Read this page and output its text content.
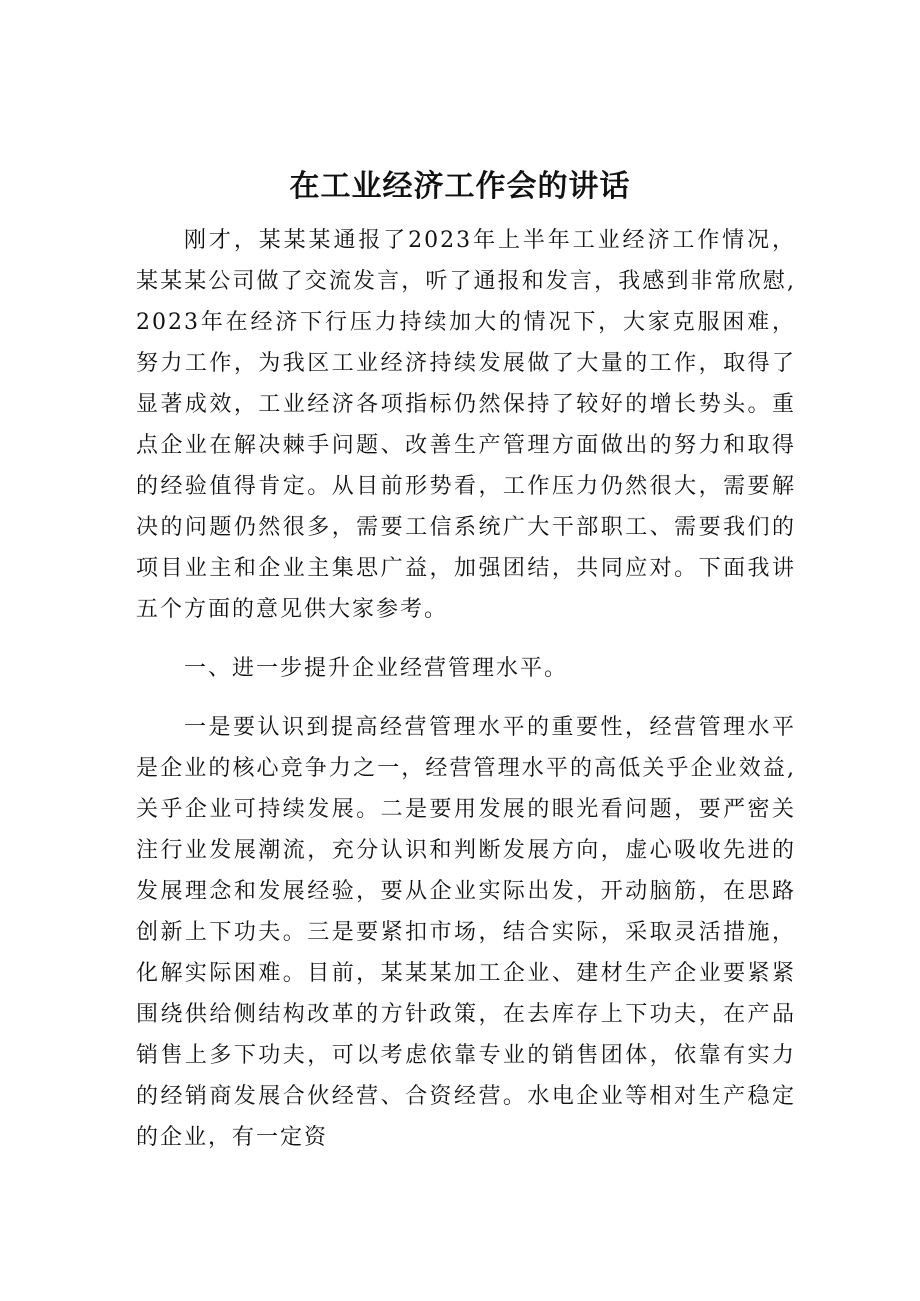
在工业经济工作会的讲话

刚才，某某某通报了2023年上半年工业经济工作情况，某某某公司做了交流发言，听了通报和发言，我感到非常欣慰,2023年在经济下行压力持续加大的情况下，大家克服困难，努力工作，为我区工业经济持续发展做了大量的工作，取得了显著成效，工业经济各项指标仍然保持了较好的增长势头。重点企业在解决棘手问题、改善生产管理方面做出的努力和取得的经验值得肯定。从目前形势看，工作压力仍然很大，需要解决的问题仍然很多，需要工信系统广大干部职工、需要我们的项目业主和企业主集思广益，加强团结，共同应对。下面我讲五个方面的意见供大家参考。

一、进一步提升企业经营管理水平。

一是要认识到提高经营管理水平的重要性，经营管理水平是企业的核心竞争力之一，经营管理水平的高低关乎企业效益,关乎企业可持续发展。二是要用发展的眼光看问题，要严密关注行业发展潮流，充分认识和判断发展方向，虚心吸收先进的发展理念和发展经验，要从企业实际出发，开动脑筋，在思路创新上下功夫。三是要紧扣市场，结合实际，采取灵活措施，化解实际困难。目前，某某某加工企业、建材生产企业要紧紧围绕供给侧结构改革的方针政策，在去库存上下功夫，在产品销售上多下功夫，可以考虑依靠专业的销售团体，依靠有实力的经销商发展合伙经营、合资经营。水电企业等相对生产稳定的企业，有一定资
